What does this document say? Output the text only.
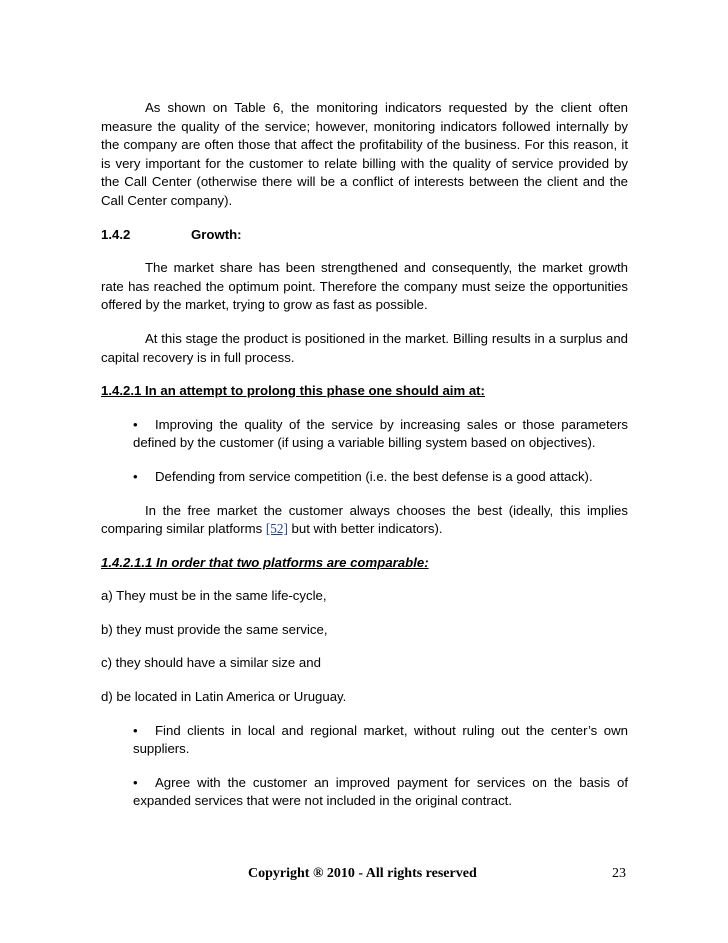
As shown on Table 6, the monitoring indicators requested by the client often measure the quality of the service; however, monitoring indicators followed internally by the company are often those that affect the profitability of the business. For this reason, it is very important for the customer to relate billing with the quality of service provided by the Call Center (otherwise there will be a conflict of interests between the client and the Call Center company).

1.4.2	Growth:

The market share has been strengthened and consequently, the market growth rate has reached the optimum point. Therefore the company must seize the opportunities offered by the market, trying to grow as fast as possible.

At this stage the product is positioned in the market. Billing results in a surplus and capital recovery is in full process.

1.4.2.1 In an attempt to prolong this phase one should aim at:

• Improving the quality of the service by increasing sales or those parameters defined by the customer (if using a variable billing system based on objectives).

• Defending from service competition (i.e. the best defense is a good attack).

In the free market the customer always chooses the best (ideally, this implies comparing similar platforms [52] but with better indicators).

1.4.2.1.1 In order that two platforms are comparable:

a) They must be in the same life-cycle,

b) they must provide the same service,

c) they should have a similar size and

d) be located in Latin America or Uruguay.

• Find clients in local and regional market, without ruling out the center’s own suppliers.

• Agree with the customer an improved payment for services on the basis of expanded services that were not included in the original contract.

Copyright ® 2010 - All rights reserved	23
